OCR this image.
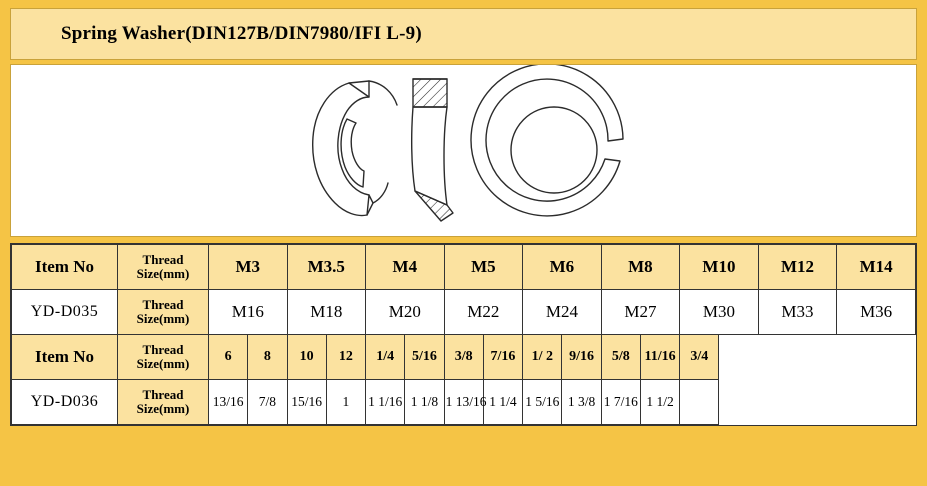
Spring Washer(DIN127B/DIN7980/IFI L-9)
Item No	Thread
Size(mm)	M3		M3.5		M4		M5		M6		M8		M10	M12	M14
YD-D035	Thread
Size(mm)	M16		M18		M20		M22		M24		M27		M30	M33	M36
Item No	Thread
Size(mm)	6	8	10	12	1/4	5/16	3/8	7/16	1/ 2	9/16	5/8	11/16	3/4		
YD-D036	Thread
Size(mm)	13/16	7/8	15/16	1	1 1/16	1 1/8	1 13/16	1 1/4	1 5/16	1 3/8	1 7/16	1 1/2			
